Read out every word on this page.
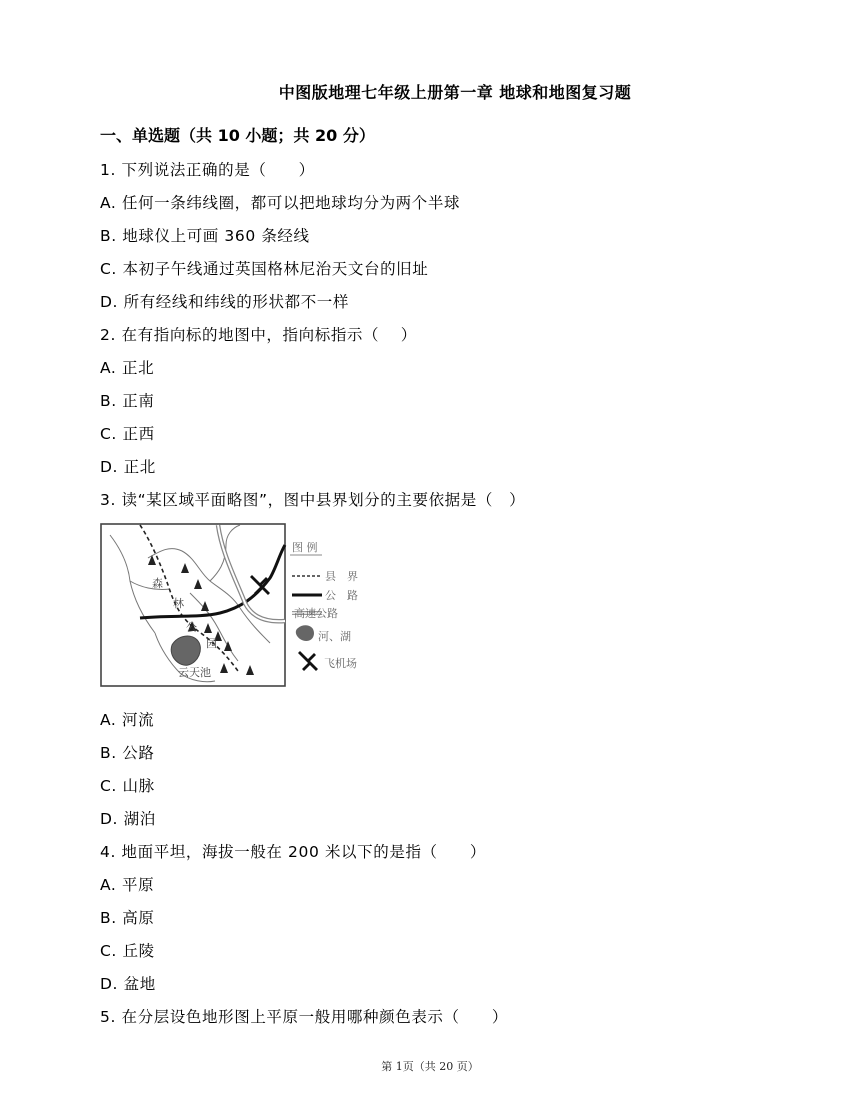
中图版地理七年级上册第一章 地球和地图复习题
一、单选题（共 10 小题；共 20 分）
1. 下列说法正确的是（　　）
A. 任何一条纬线圈，都可以把地球均分为两个半球
B. 地球仪上可画 360 条经线
C. 本初子午线通过英国格林尼治天文台的旧址
D. 所有经线和纬线的形状都不一样
2. 在有指向标的地图中，指向标指示（　 ）
A. 正北
B. 正南
C. 正西
D. 正北
3. 读“某区域平面略图”，图中县界划分的主要依据是（　）
森
林
公
园
云天池
图 例
县　界
公　路
高速公路
河、湖
飞机场
A. 河流
B. 公路
C. 山脉
D. 湖泊
4. 地面平坦，海拔一般在 200 米以下的是指（　　）
A. 平原
B. 高原
C. 丘陵
D. 盆地
5. 在分层设色地形图上平原一般用哪种颜色表示（　　）
第 1页（共 20 页）
